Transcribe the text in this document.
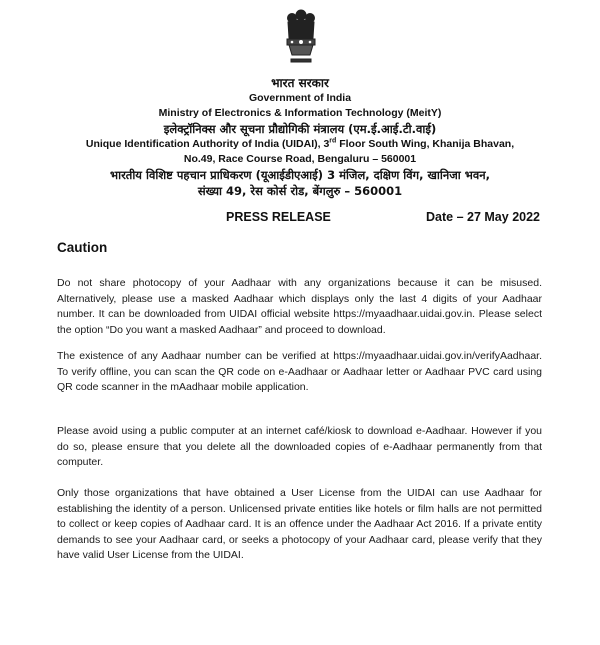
भारत सरकार
Government of India
Ministry of Electronics & Information Technology (MeitY)
इलेक्ट्रॉनिक्स और सूचना प्रौद्योगिकी मंत्रालय (एम.ई.आई.टी.वाई)
Unique Identification Authority of India (UIDAI), 3rd Floor South Wing, Khanija Bhavan,
No.49, Race Course Road, Bengaluru – 560001
भारतीय विशिष्ट पहचान प्राधिकरण (यूआईडीएआई) 3 मंजिल, दक्षिण विंग, खानिजा भवन,
संख्या 49, रेस कोर्स रोड, बेंगलुरु – 560001
PRESS RELEASE	Date – 27 May 2022
Caution

Do not share photocopy of your Aadhaar with any organizations because it can be misused. Alternatively, please use a masked Aadhaar which displays only the last 4 digits of your Aadhaar number. It can be downloaded from UIDAI official website https://myaadhaar.uidai.gov.in. Please select the option “Do you want a masked Aadhaar” and proceed to download.

The existence of any Aadhaar number can be verified at https://myaadhaar.uidai.gov.in/verifyAadhaar. To verify offline, you can scan the QR code on e-Aadhaar or Aadhaar letter or Aadhaar PVC card using QR code scanner in the mAadhaar mobile application.

Please avoid using a public computer at an internet café/kiosk to download e-Aadhaar. However if you do so, please ensure that you delete all the downloaded copies of e-Aadhaar permanently from that computer.

Only those organizations that have obtained a User License from the UIDAI can use Aadhaar for establishing the identity of a person. Unlicensed private entities like hotels or film halls are not permitted to collect or keep copies of Aadhaar card. It is an offence under the Aadhaar Act 2016. If a private entity demands to see your Aadhaar card, or seeks a photocopy of your Aadhaar card, please verify that they have valid User License from the UIDAI.
